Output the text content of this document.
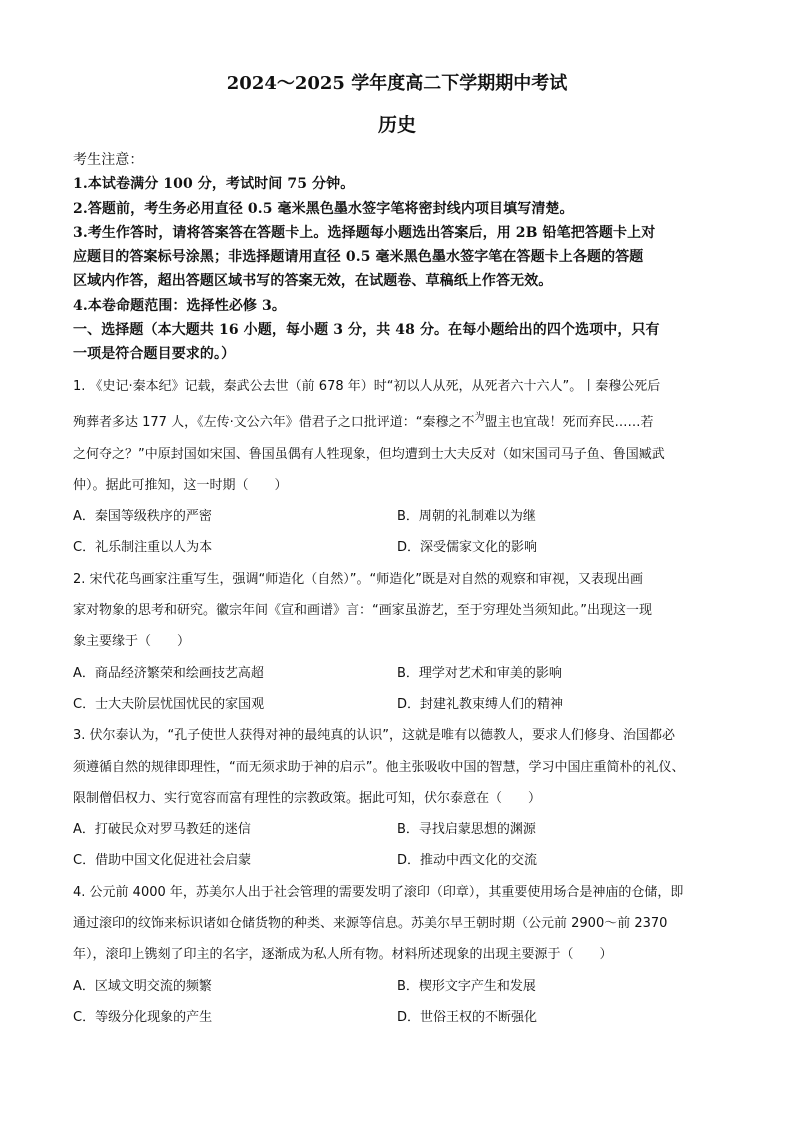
2024～2025 学年度高二下学期期中考试
历史
考生注意：
1.本试卷满分 100 分，考试时间 75 分钟。
2.答题前，考生务必用直径 0.5 毫米黑色墨水签字笔将密封线内项目填写清楚。
3.考生作答时，请将答案答在答题卡上。选择题每小题选出答案后，用 2B 铅笔把答题卡上对
应题目的答案标号涂黑；非选择题请用直径 0.5 毫米黑色墨水签字笔在答题卡上各题的答题
区域内作答，超出答题区域书写的答案无效，在试题卷、草稿纸上作答无效。
4.本卷命题范围：选择性必修 3。
一、选择题（本大题共 16 小题，每小题 3 分，共 48 分。在每小题给出的四个选项中，只有
一项是符合题目要求的。）

1. 《史记·秦本纪》记载，秦武公去世（前 678 年）时“初以人从死，从死者六十六人”。丨秦穆公死后
殉葬者多达 177 人，《左传·文公六年》借君子之口批评道：“秦穆之不$^为$盟主也宜哉！死而弃民……若
之何夺之？”中原封国如宋国、鲁国虽偶有人牲现象，但均遭到士大夫反对（如宋国司马子鱼、鲁国臧武
仲）。据此可推知，这一时期（　　）

A．秦国等级秩序的严密	B．周朝的礼制难以为继
C．礼乐制注重以人为本	D．深受儒家文化的影响

2. 宋代花鸟画家注重写生，强调“师造化（自然）”。“师造化”既是对自然的观察和审视，又表现出画
家对物象的思考和研究。徽宗年间《宣和画谱》言：“画家虽游艺，至于穷理处当须知此。”出现这一现
象主要缘于（　　）

A．商品经济繁荣和绘画技艺高超	B．理学对艺术和审美的影响
C．士大夫阶层忧国忧民的家国观	D．封建礼教束缚人们的精神

3. 伏尔泰认为，“孔子使世人获得对神的最纯真的认识”，这就是唯有以德教人，要求人们修身、治国都必
须遵循自然的规律即理性，“而无须求助于神的启示”。他主张吸收中国的智慧，学习中国庄重简朴的礼仪、
限制僧侣权力、实行宽容而富有理性的宗教政策。据此可知，伏尔泰意在（　　）

A．打破民众对罗马教廷的迷信	B．寻找启蒙思想的渊源
C．借助中国文化促进社会启蒙	D．推动中西文化的交流

4. 公元前 4000 年，苏美尔人出于社会管理的需要发明了滚印（印章），其重要使用场合是神庙的仓储，即
通过滚印的纹饰来标识诸如仓储货物的种类、来源等信息。苏美尔早王朝时期（公元前 2900～前 2370
年），滚印上镌刻了印主的名字，逐渐成为私人所有物。材料所述现象的出现主要源于（　　）

A．区域文明交流的频繁	B．楔形文字产生和发展
C．等级分化现象的产生	D．世俗王权的不断强化
